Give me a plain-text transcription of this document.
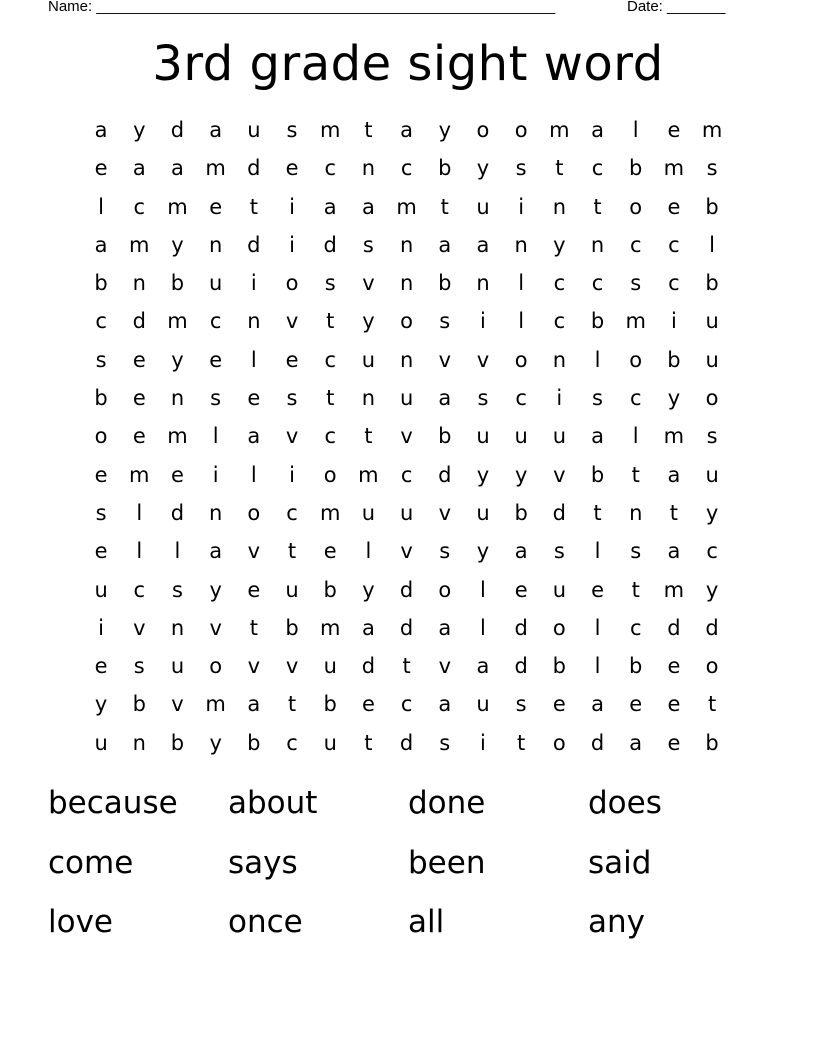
Name: _______________________________________________________	Date: _______
3rd grade sight word
a	y	d	a	u	s	m	t	a	y	o	o	m	a	l	e	m
e	a	a	m	d	e	c	n	c	b	y	s	t	c	b	m	s
l	c	m	e	t	i	a	a	m	t	u	i	n	t	o	e	b
a	m	y	n	d	i	d	s	n	a	a	n	y	n	c	c	l
b	n	b	u	i	o	s	v	n	b	n	l	c	c	s	c	b
c	d	m	c	n	v	t	y	o	s	i	l	c	b	m	i	u
s	e	y	e	l	e	c	u	n	v	v	o	n	l	o	b	u
b	e	n	s	e	s	t	n	u	a	s	c	i	s	c	y	o
o	e	m	l	a	v	c	t	v	b	u	u	u	a	l	m	s
e	m	e	i	l	i	o	m	c	d	y	y	v	b	t	a	u
s	l	d	n	o	c	m	u	u	v	u	b	d	t	n	t	y
e	l	l	a	v	t	e	l	v	s	y	a	s	l	s	a	c
u	c	s	y	e	u	b	y	d	o	l	e	u	e	t	m	y
i	v	n	v	t	b	m	a	d	a	l	d	o	l	c	d	d
e	s	u	o	v	v	u	d	t	v	a	d	b	l	b	e	o
y	b	v	m	a	t	b	e	c	a	u	s	e	a	e	e	t
u	n	b	y	b	c	u	t	d	s	i	t	o	d	a	e	b
because	about	done	does
come	says	been	said
love	once	all	any
